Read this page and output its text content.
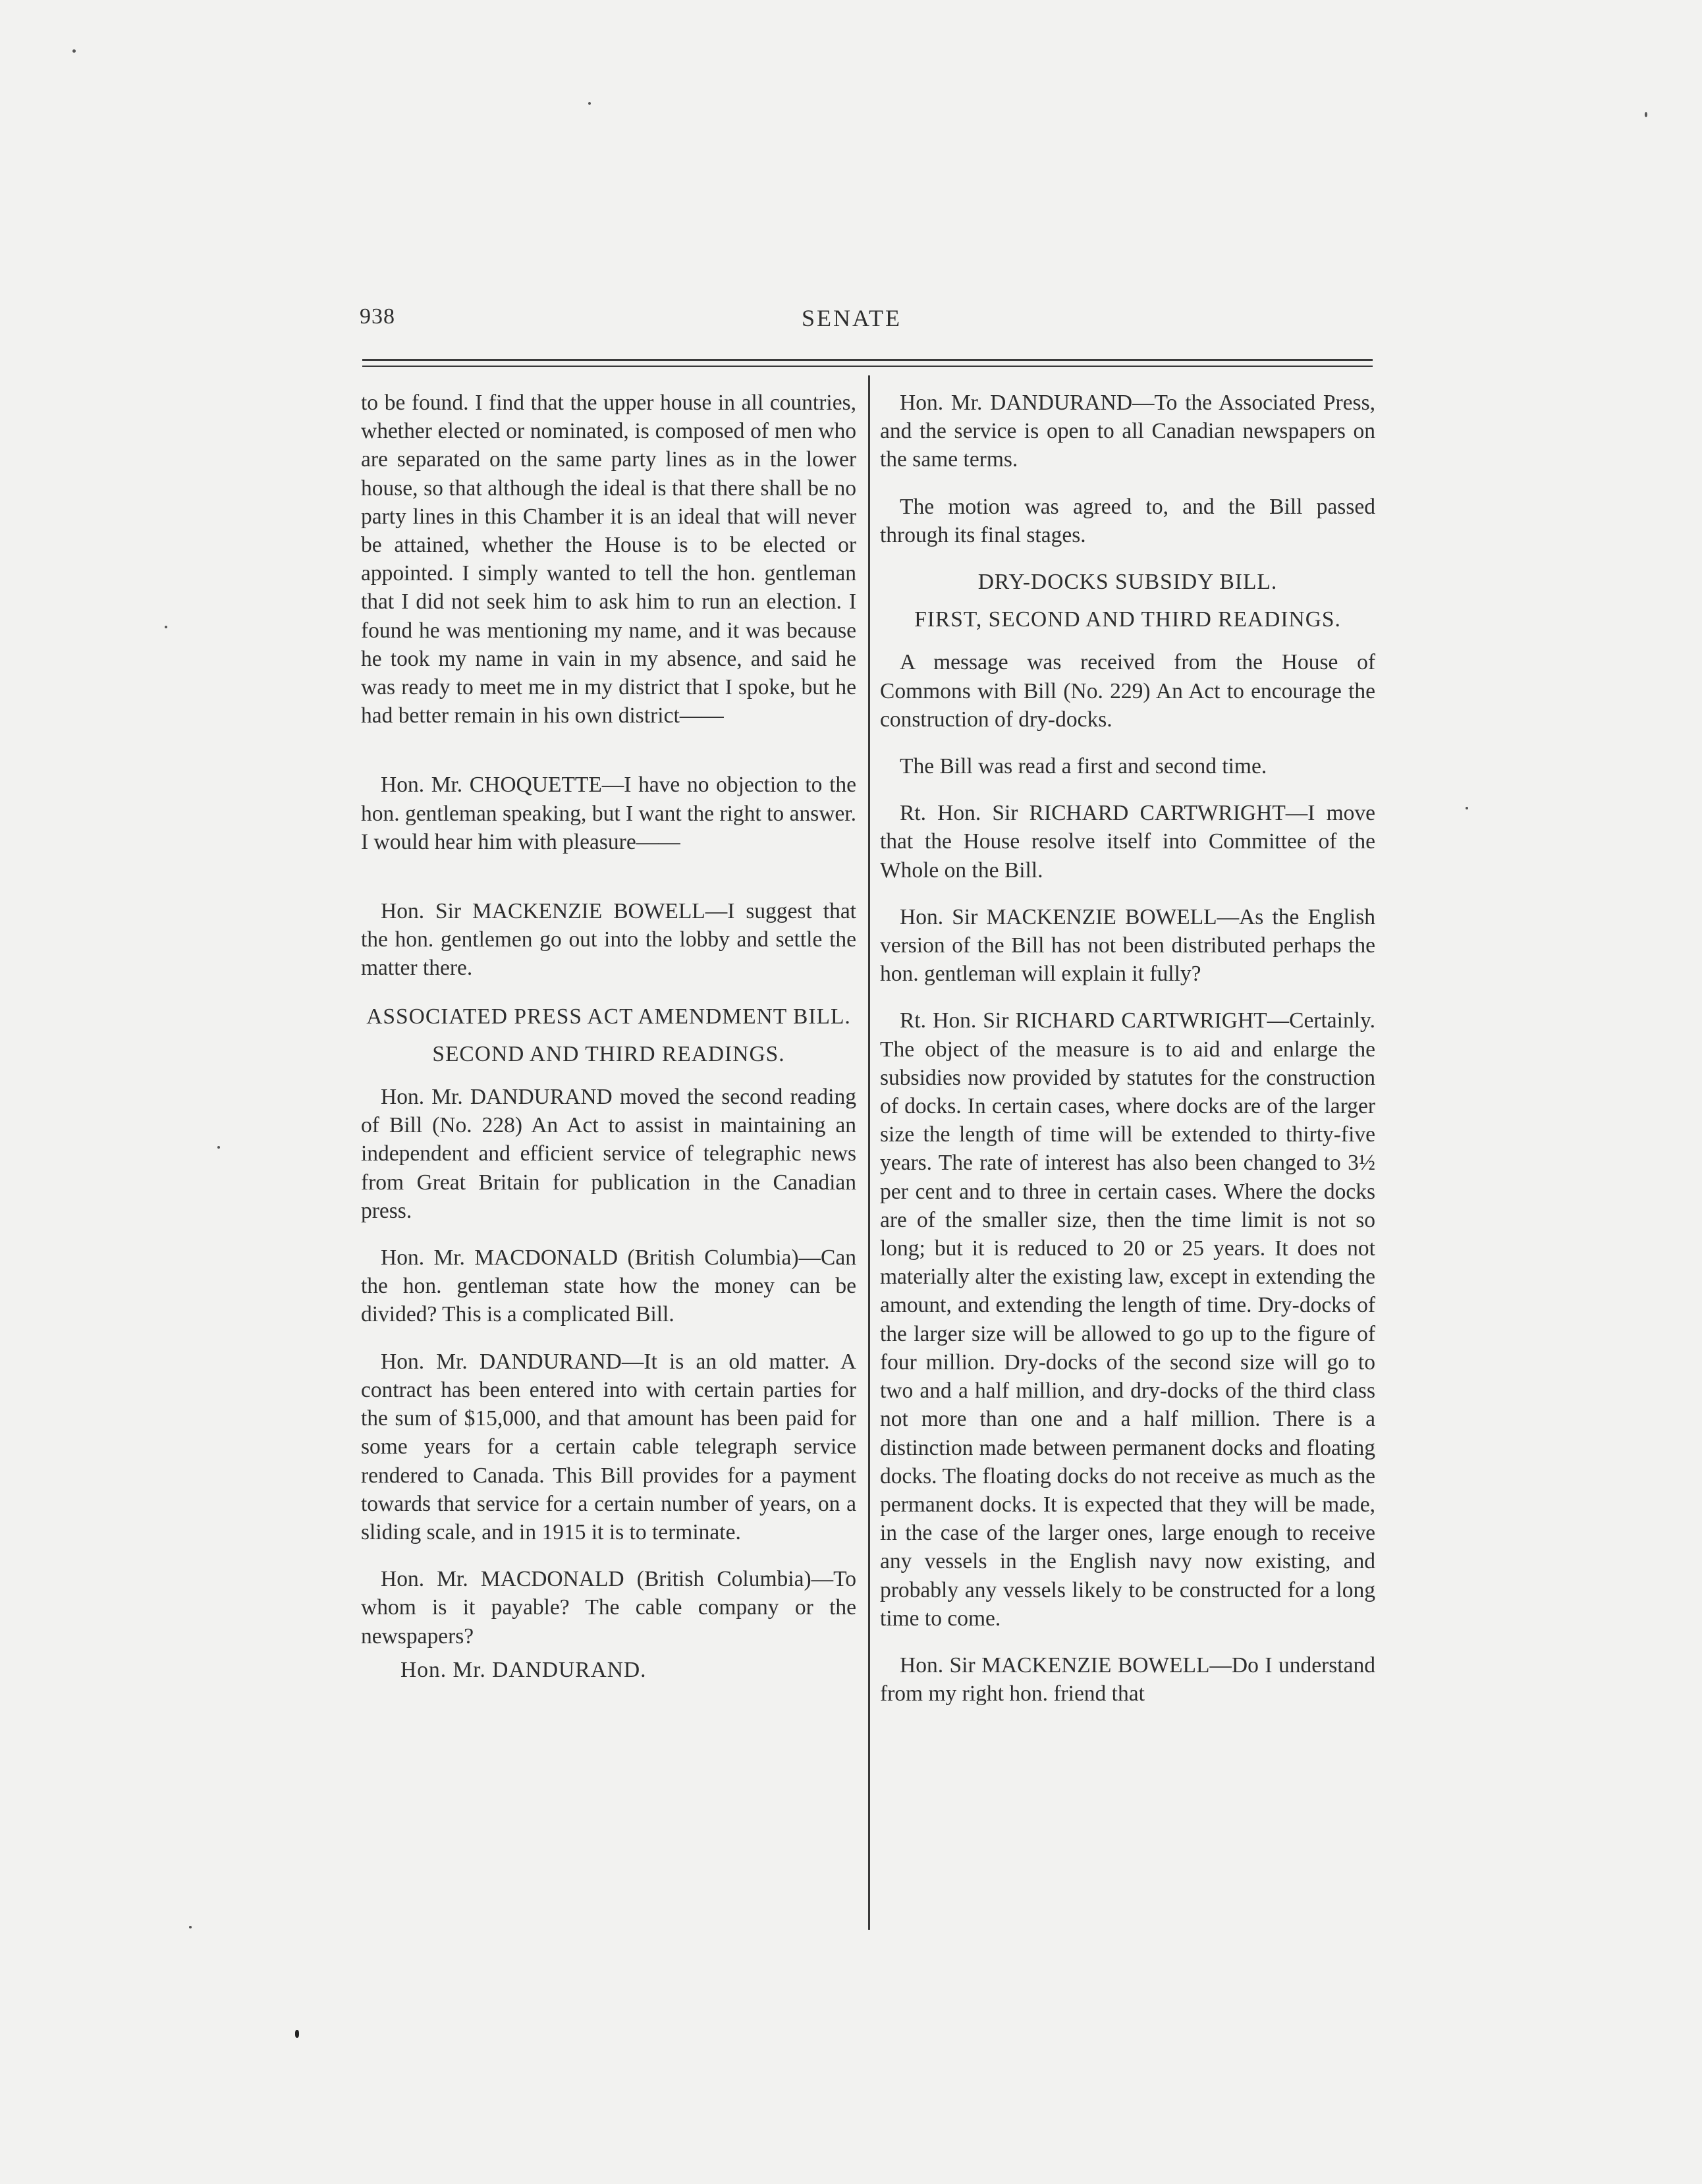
938	SENATE

to be found. I find that the upper house in all countries, whether elected or nominated, is composed of men who are separated on the same party lines as in the lower house, so that although the ideal is that there shall be no party lines in this Chamber it is an ideal that will never be attained, whether the House is to be elected or appointed. I simply wanted to tell the hon. gentleman that I did not seek him to ask him to run an election. I found he was mentioning my name, and it was because he took my name in vain in my absence, and said he was ready to meet me in my district that I spoke, but he had better remain in his own district——

Hon. Mr. CHOQUETTE—I have no objection to the hon. gentleman speaking, but I want the right to answer. I would hear him with pleasure——

Hon. Sir MACKENZIE BOWELL—I suggest that the hon. gentlemen go out into the lobby and settle the matter there.

ASSOCIATED PRESS ACT AMENDMENT BILL.
SECOND AND THIRD READINGS.

Hon. Mr. DANDURAND moved the second reading of Bill (No. 228) An Act to assist in maintaining an independent and efficient service of telegraphic news from Great Britain for publication in the Canadian press.

Hon. Mr. MACDONALD (British Columbia)—Can the hon. gentleman state how the money can be divided? This is a complicated Bill.

Hon. Mr. DANDURAND—It is an old matter. A contract has been entered into with certain parties for the sum of $15,000, and that amount has been paid for some years for a certain cable telegraph service rendered to Canada. This Bill provides for a payment towards that service for a certain number of years, on a sliding scale, and in 1915 it is to terminate.

Hon. Mr. MACDONALD (British Columbia)—To whom is it payable? The cable company or the newspapers?

Hon. Mr. DANDURAND.

Hon. Mr. DANDURAND—To the Associated Press, and the service is open to all Canadian newspapers on the same terms.

The motion was agreed to, and the Bill passed through its final stages.

DRY-DOCKS SUBSIDY BILL.
FIRST, SECOND AND THIRD READINGS.

A message was received from the House of Commons with Bill (No. 229) An Act to encourage the construction of dry-docks.

The Bill was read a first and second time.

Rt. Hon. Sir RICHARD CARTWRIGHT—I move that the House resolve itself into Committee of the Whole on the Bill.

Hon. Sir MACKENZIE BOWELL—As the English version of the Bill has not been distributed perhaps the hon. gentleman will explain it fully?

Rt. Hon. Sir RICHARD CARTWRIGHT—Certainly. The object of the measure is to aid and enlarge the subsidies now provided by statutes for the construction of docks. In certain cases, where docks are of the larger size the length of time will be extended to thirty-five years. The rate of interest has also been changed to 3½ per cent and to three in certain cases. Where the docks are of the smaller size, then the time limit is not so long; but it is reduced to 20 or 25 years. It does not materially alter the existing law, except in extending the amount, and extending the length of time. Dry-docks of the larger size will be allowed to go up to the figure of four million. Dry-docks of the second size will go to two and a half million, and dry-docks of the third class not more than one and a half million. There is a distinction made between permanent docks and floating docks. The floating docks do not receive as much as the permanent docks. It is expected that they will be made, in the case of the larger ones, large enough to receive any vessels in the English navy now existing, and probably any vessels likely to be constructed for a long time to come.

Hon. Sir MACKENZIE BOWELL—Do I understand from my right hon. friend that
